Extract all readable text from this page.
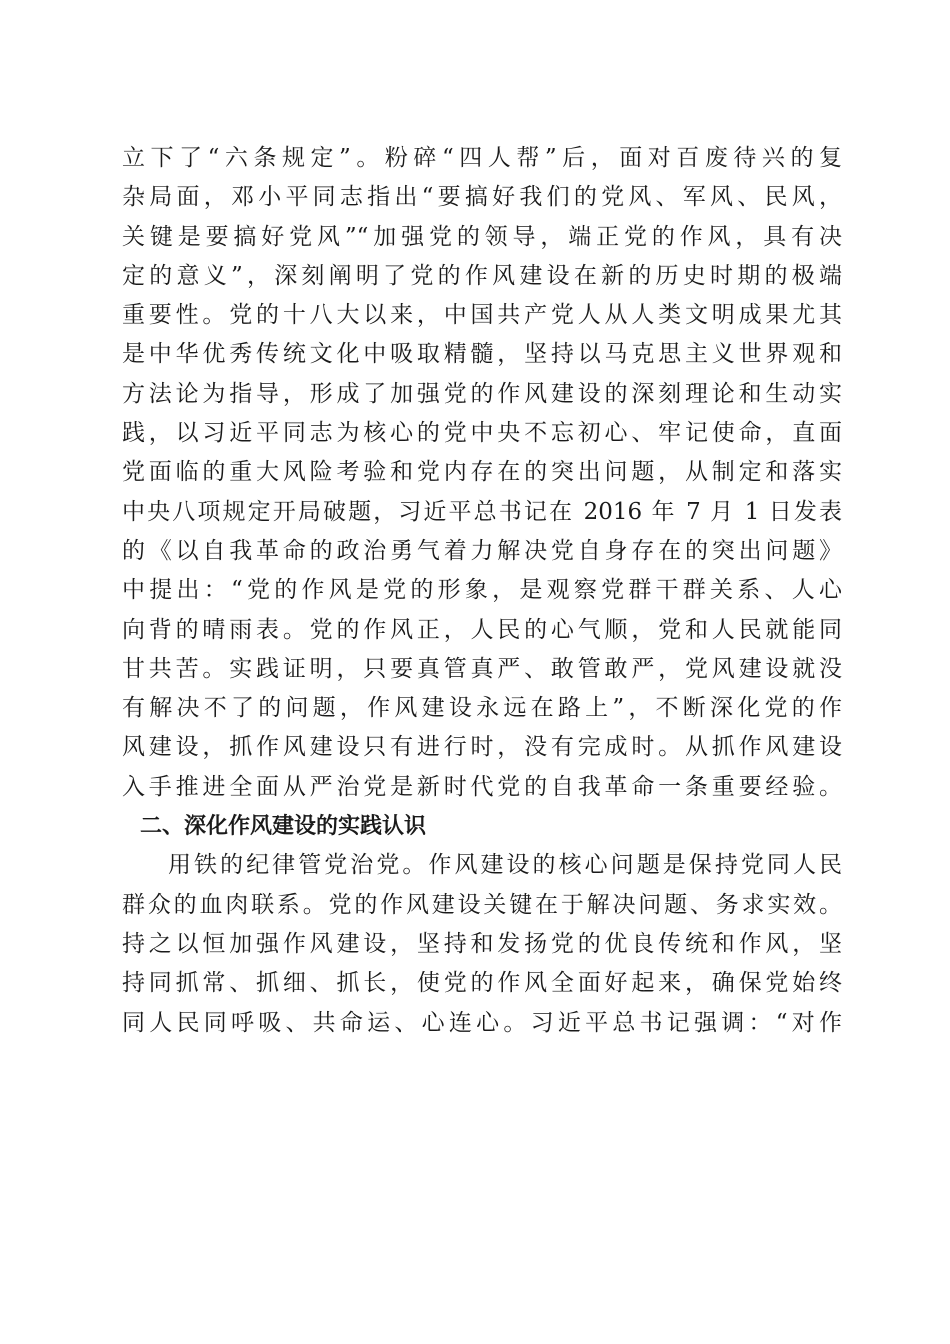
立下了“六条规定”。粉碎“四人帮”后，面对百废待兴的复
杂局面，邓小平同志指出“要搞好我们的党风、军风、民风，
关键是要搞好党风”“加强党的领导，端正党的作风，具有决
定的意义”，深刻阐明了党的作风建设在新的历史时期的极端
重要性。党的十八大以来，中国共产党人从人类文明成果尤其
是中华优秀传统文化中吸取精髓，坚持以马克思主义世界观和
方法论为指导，形成了加强党的作风建设的深刻理论和生动实
践，以习近平同志为核心的党中央不忘初心、牢记使命，直面
党面临的重大风险考验和党内存在的突出问题，从制定和落实
中央八项规定开局破题，习近平总书记在 2016 年 7 月 1 日发表
的《以自我革命的政治勇气着力解决党自身存在的突出问题》
中提出：“党的作风是党的形象，是观察党群干群关系、人心
向背的晴雨表。党的作风正，人民的心气顺，党和人民就能同
甘共苦。实践证明，只要真管真严、敢管敢严，党风建设就没
有解决不了的问题，作风建设永远在路上”，不断深化党的作
风建设，抓作风建设只有进行时，没有完成时。从抓作风建设
入手推进全面从严治党是新时代党的自我革命一条重要经验。
二、深化作风建设的实践认识
用铁的纪律管党治党。作风建设的核心问题是保持党同人民
群众的血肉联系。党的作风建设关键在于解决问题、务求实效。
持之以恒加强作风建设，坚持和发扬党的优良传统和作风，坚
持同抓常、抓细、抓长，使党的作风全面好起来，确保党始终
同人民同呼吸、共命运、心连心。习近平总书记强调：“对作
